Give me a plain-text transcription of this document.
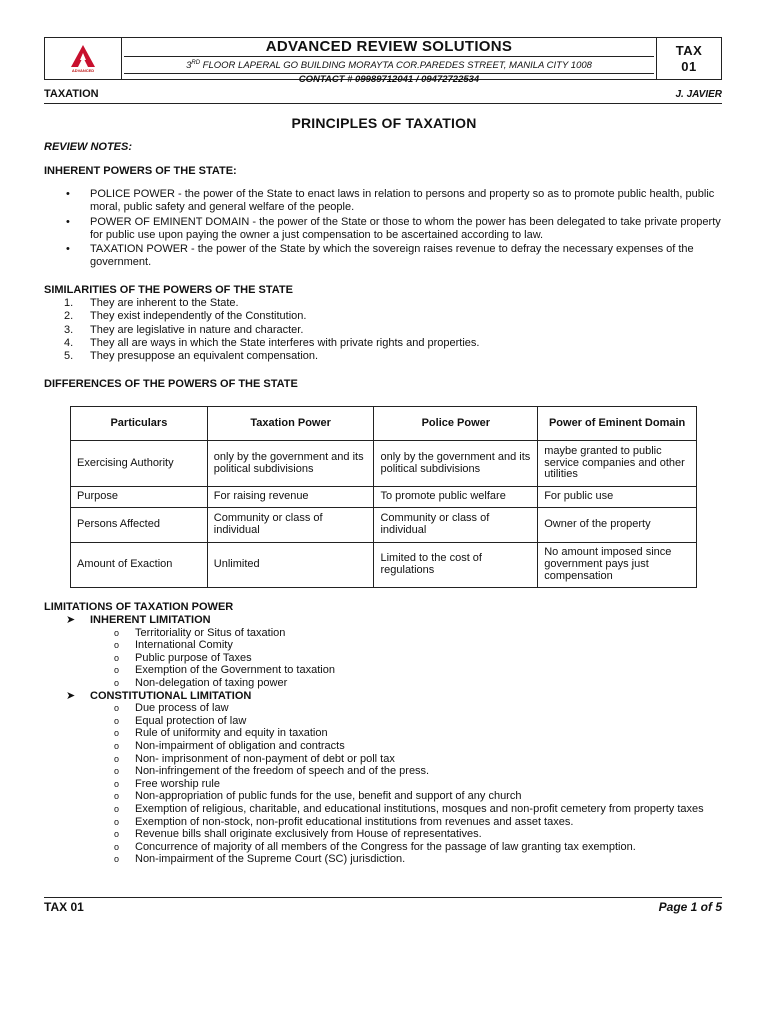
ADVANCED
ADVANCED REVIEW SOLUTIONS
3RD FLOOR LAPERAL GO BUILDING MORAYTA COR.PAREDES STREET, MANILA CITY 1008
CONTACT # 09989712041 / 09472722534
TAX
01
TAXATION	J. JAVIER
PRINCIPLES OF TAXATION
REVIEW NOTES:
INHERENT POWERS OF THE STATE:
• POLICE POWER - the power of the State to enact laws in relation to persons and property so as to promote public health, public moral, public safety and general welfare of the people.
• POWER OF EMINENT DOMAIN - the power of the State or those to whom the power has been delegated to take private property for public use upon paying the owner a just compensation to be ascertained according to law.
• TAXATION POWER - the power of the State by which the sovereign raises revenue to defray the necessary expenses of the government.
SIMILARITIES OF THE POWERS OF THE STATE
1. They are inherent to the State.
2. They exist independently of the Constitution.
3. They are legislative in nature and character.
4. They all are ways in which the State interferes with private rights and properties.
5. They presuppose an equivalent compensation.
DIFFERENCES OF THE POWERS OF THE STATE
Particulars	Taxation Power	Police Power	Power of Eminent Domain
Exercising Authority	only by the government and its political subdivisions	only by the government and its political subdivisions	maybe granted to public service companies and other utilities
Purpose	For raising revenue	To promote public welfare	For public use
Persons Affected	Community or class of individual	Community or class of individual	Owner of the property
Amount of Exaction	Unlimited	Limited to the cost of regulations	No amount imposed since government pays just compensation
LIMITATIONS OF TAXATION POWER
➤ INHERENT LIMITATION
o Territoriality or Situs of taxation
o International Comity
o Public purpose of Taxes
o Exemption of the Government to taxation
o Non-delegation of taxing power
➤ CONSTITUTIONAL LIMITATION
o Due process of law
o Equal protection of law
o Rule of uniformity and equity in taxation
o Non-impairment of obligation and contracts
o Non- imprisonment of non-payment of debt or poll tax
o Non-infringement of the freedom of speech and of the press.
o Free worship rule
o Non-appropriation of public funds for the use, benefit and support of any church
o Exemption of religious, charitable, and educational institutions, mosques and non-profit cemetery from property taxes
o Exemption of non-stock, non-profit educational institutions from revenues and asset taxes.
o Revenue bills shall originate exclusively from House of representatives.
o Concurrence of majority of all members of the Congress for the passage of law granting tax exemption.
o Non-impairment of the Supreme Court (SC) jurisdiction.
TAX 01	Page 1 of 5
